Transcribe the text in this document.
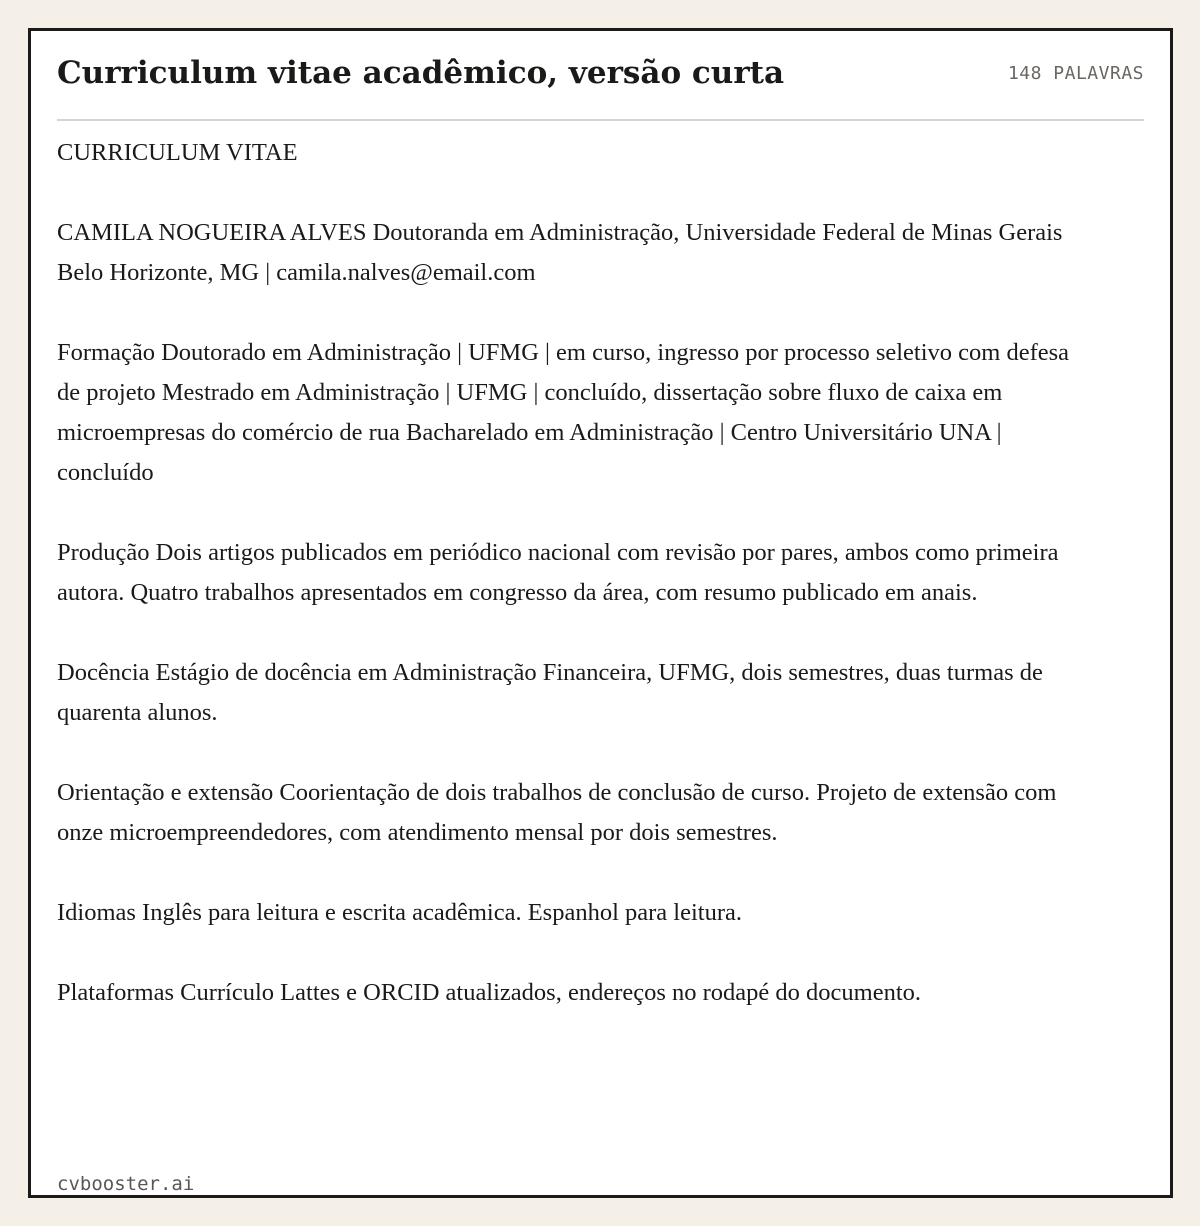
Curriculum vitae acadêmico, versão curta	148 PALAVRAS

CURRICULUM VITAE

CAMILA NOGUEIRA ALVES Doutoranda em Administração, Universidade Federal de Minas Gerais Belo Horizonte, MG | camila.nalves@email.com

Formação Doutorado em Administração | UFMG | em curso, ingresso por processo seletivo com defesa de projeto Mestrado em Administração | UFMG | concluído, dissertação sobre fluxo de caixa em microempresas do comércio de rua Bacharelado em Administração | Centro Universitário UNA | concluído

Produção Dois artigos publicados em periódico nacional com revisão por pares, ambos como primeira autora. Quatro trabalhos apresentados em congresso da área, com resumo publicado em anais.

Docência Estágio de docência em Administração Financeira, UFMG, dois semestres, duas turmas de quarenta alunos.

Orientação e extensão Coorientação de dois trabalhos de conclusão de curso. Projeto de extensão com onze microempreendedores, com atendimento mensal por dois semestres.

Idiomas Inglês para leitura e escrita acadêmica. Espanhol para leitura.

Plataformas Currículo Lattes e ORCID atualizados, endereços no rodapé do documento.

cvbooster.ai
